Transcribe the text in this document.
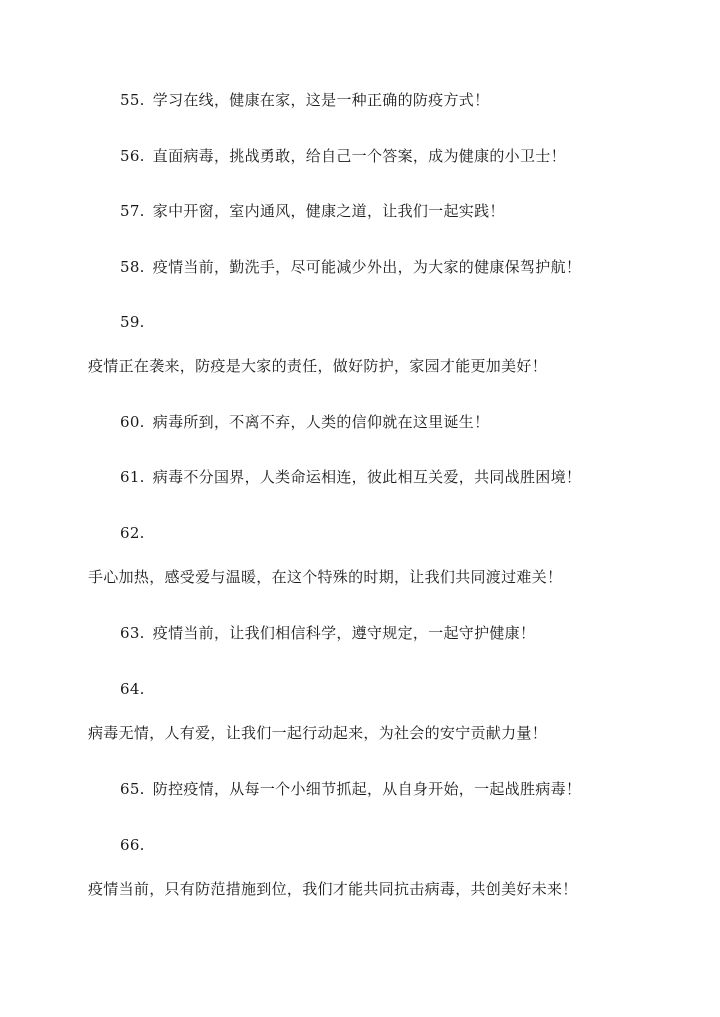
55. 学习在线，健康在家，这是一种正确的防疫方式！
56. 直面病毒，挑战勇敢，给自己一个答案，成为健康的小卫士！
57. 家中开窗，室内通风，健康之道，让我们一起实践！
58. 疫情当前，勤洗手，尽可能减少外出，为大家的健康保驾护航！
59.
疫情正在袭来，防疫是大家的责任，做好防护，家园才能更加美好！
60. 病毒所到，不离不弃，人类的信仰就在这里诞生！
61. 病毒不分国界，人类命运相连，彼此相互关爱，共同战胜困境！
62.
手心加热，感受爱与温暖，在这个特殊的时期，让我们共同渡过难关！
63. 疫情当前，让我们相信科学，遵守规定，一起守护健康！
64.
病毒无情，人有爱，让我们一起行动起来，为社会的安宁贡献力量！
65. 防控疫情，从每一个小细节抓起，从自身开始，一起战胜病毒！
66.
疫情当前，只有防范措施到位，我们才能共同抗击病毒，共创美好未来！
